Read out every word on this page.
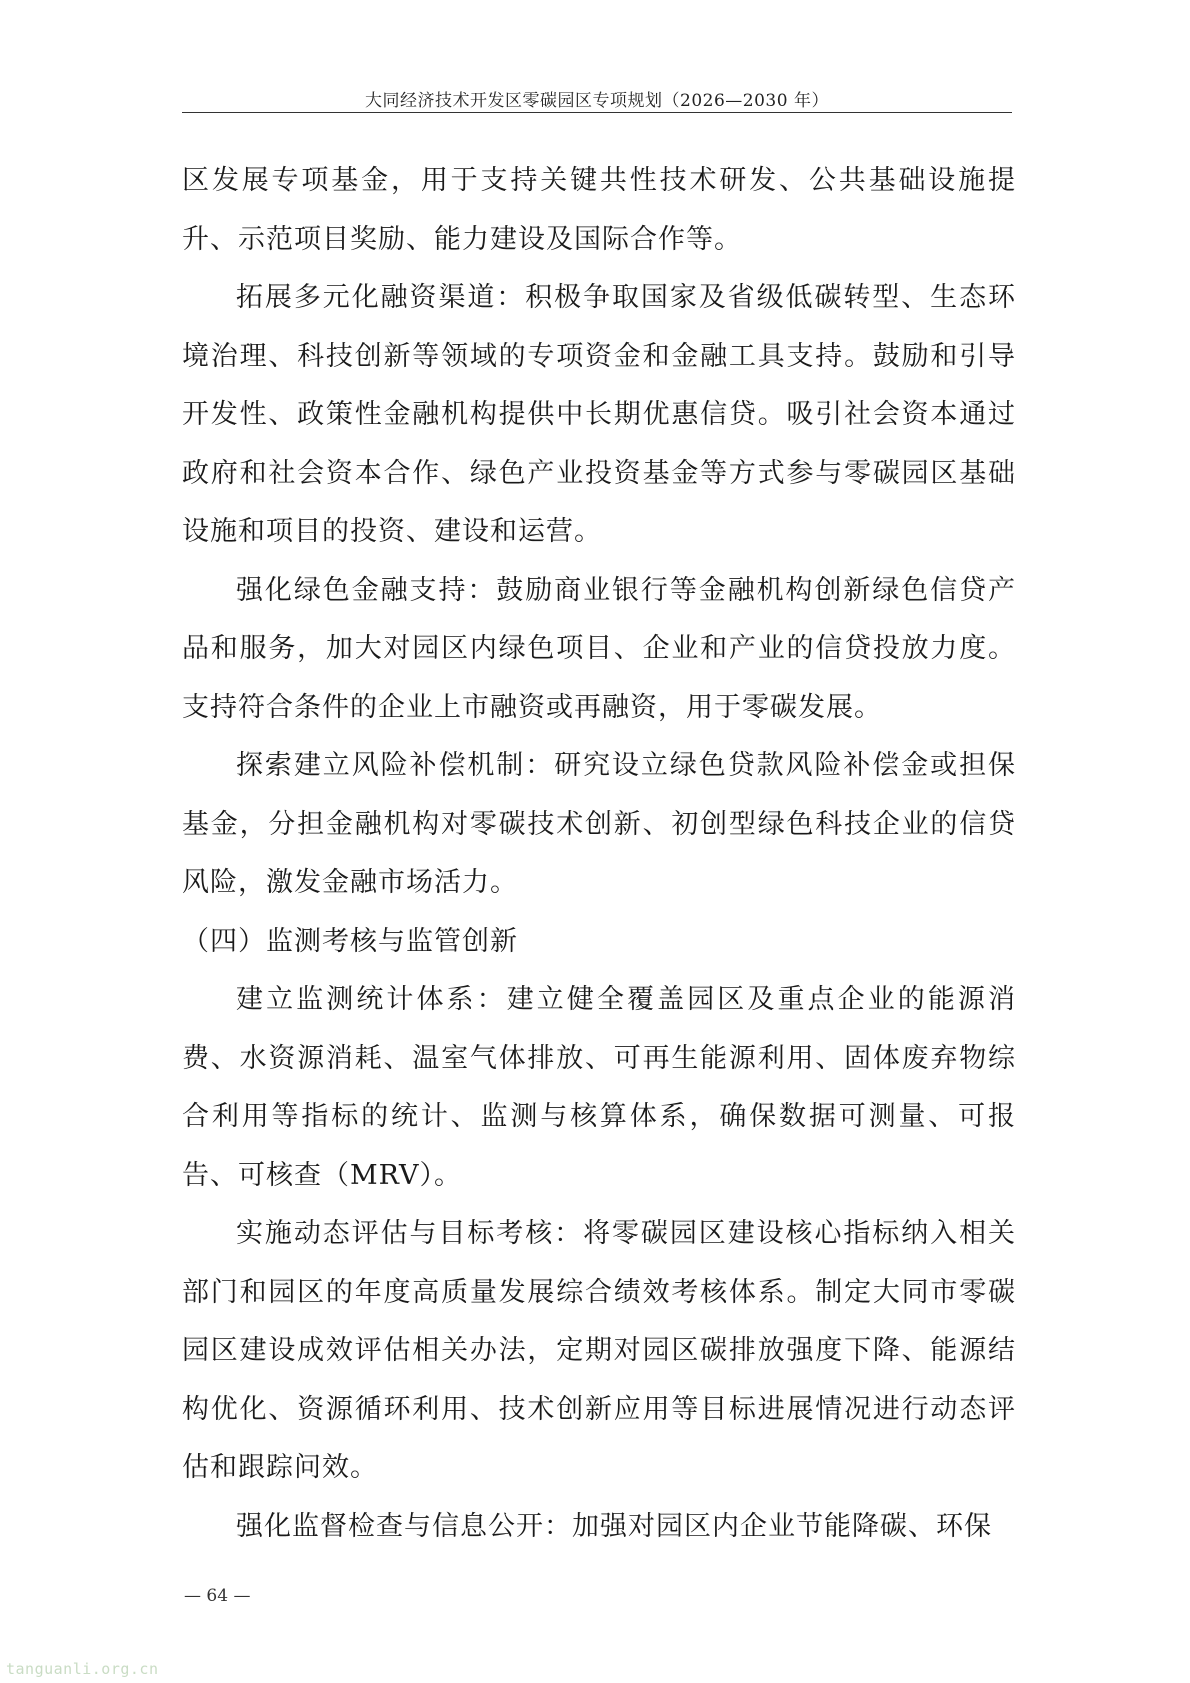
大同经济技术开发区零碳园区专项规划（2026—2030 年）

区发展专项基金，用于支持关键共性技术研发、公共基础设施提升、示范项目奖励、能力建设及国际合作等。

拓展多元化融资渠道：积极争取国家及省级低碳转型、生态环境治理、科技创新等领域的专项资金和金融工具支持。鼓励和引导开发性、政策性金融机构提供中长期优惠信贷。吸引社会资本通过政府和社会资本合作、绿色产业投资基金等方式参与零碳园区基础设施和项目的投资、建设和运营。

强化绿色金融支持：鼓励商业银行等金融机构创新绿色信贷产品和服务，加大对园区内绿色项目、企业和产业的信贷投放力度。支持符合条件的企业上市融资或再融资，用于零碳发展。

探索建立风险补偿机制：研究设立绿色贷款风险补偿金或担保基金，分担金融机构对零碳技术创新、初创型绿色科技企业的信贷风险，激发金融市场活力。

（四）监测考核与监管创新

建立监测统计体系：建立健全覆盖园区及重点企业的能源消费、水资源消耗、温室气体排放、可再生能源利用、固体废弃物综合利用等指标的统计、监测与核算体系，确保数据可测量、可报告、可核查（MRV）。

实施动态评估与目标考核：将零碳园区建设核心指标纳入相关部门和园区的年度高质量发展综合绩效考核体系。制定大同市零碳园区建设成效评估相关办法，定期对园区碳排放强度下降、能源结构优化、资源循环利用、技术创新应用等目标进展情况进行动态评估和跟踪问效。

强化监督检查与信息公开：加强对园区内企业节能降碳、环保

— 64 —
tanguanli.org.cn
